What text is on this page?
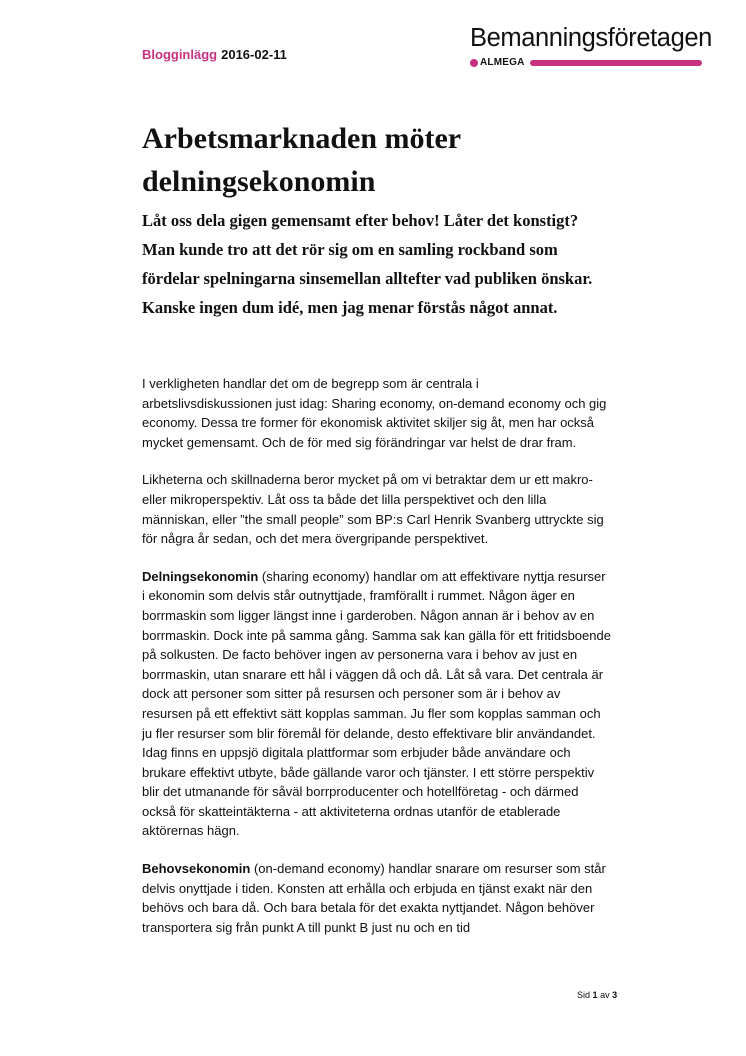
Blogginlägg 2016-02-11
Bemanningsföretagen
ALMEGA
Arbetsmarknaden möter delningsekonomin

Låt oss dela gigen gemensamt efter behov! Låter det konstigt? Man kunde tro att det rör sig om en samling rockband som fördelar spelningarna sinsemellan alltefter vad publiken önskar. Kanske ingen dum idé, men jag menar förstås något annat.

I verkligheten handlar det om de begrepp som är centrala i arbetslivsdiskussionen just idag: Sharing economy, on-demand economy och gig economy. Dessa tre former för ekonomisk aktivitet skiljer sig åt, men har också mycket gemensamt. Och de för med sig förändringar var helst de drar fram.

Likheterna och skillnaderna beror mycket på om vi betraktar dem ur ett makro- eller mikroperspektiv. Låt oss ta både det lilla perspektivet och den lilla människan, eller ”the small people” som BP:s Carl Henrik Svanberg uttryckte sig för några år sedan, och det mera övergripande perspektivet.

Delningsekonomin (sharing economy) handlar om att effektivare nyttja resurser i ekonomin som delvis står outnyttjade, framförallt i rummet. Någon äger en borrmaskin som ligger längst inne i garderoben. Någon annan är i behov av en borrmaskin. Dock inte på samma gång. Samma sak kan gälla för ett fritidsboende på solkusten. De facto behöver ingen av personerna vara i behov av just en borrmaskin, utan snarare ett hål i väggen då och då. Låt så vara. Det centrala är dock att personer som sitter på resursen och personer som är i behov av resursen på ett effektivt sätt kopplas samman. Ju fler som kopplas samman och ju fler resurser som blir föremål för delande, desto effektivare blir användandet. Idag finns en uppsjö digitala plattformar som erbjuder både användare och brukare effektivt utbyte, både gällande varor och tjänster. I ett större perspektiv blir det utmanande för såväl borrproducenter och hotellföretag - och därmed också för skatteintäkterna - att aktiviteterna ordnas utanför de etablerade aktörernas hägn.

Behovsekonomin (on-demand economy) handlar snarare om resurser som står delvis onyttjade i tiden. Konsten att erhålla och erbjuda en tjänst exakt när den behövs och bara då. Och bara betala för det exakta nyttjandet. Någon behöver transportera sig från punkt A till punkt B just nu och en tid

Sid 1 av 3
